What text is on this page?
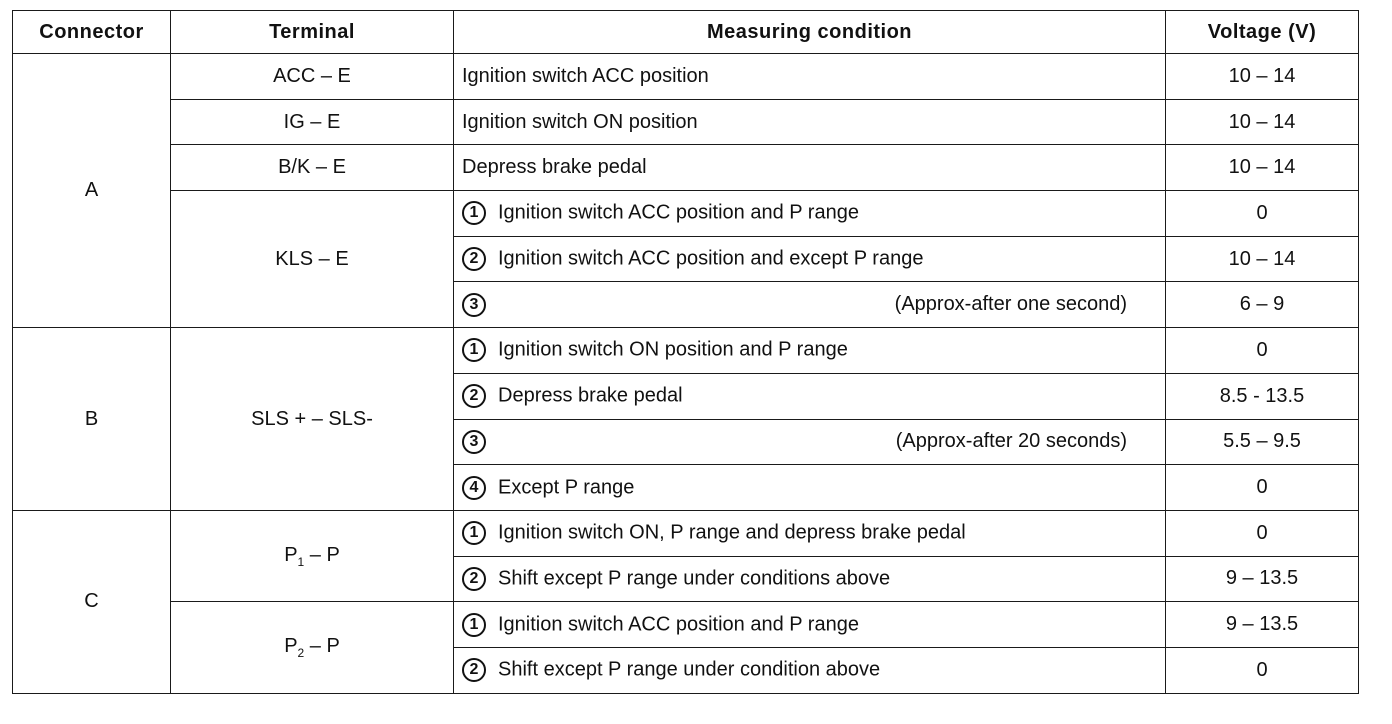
Connector	Terminal	Measuring condition	Voltage (V)
A	ACC – E	Ignition switch ACC position	10 – 14
	IG – E	Ignition switch ON position	10 – 14
	B/K – E	Depress brake pedal	10 – 14
	KLS – E	1 Ignition switch ACC position and P range	0
		2 Ignition switch ACC position and except P range	10 – 14
		3 (Approx-after one second)	6 – 9
B	SLS + – SLS-	1 Ignition switch ON position and P range	0
		2 Depress brake pedal	8.5 - 13.5
		3 (Approx-after 20 seconds)	5.5 – 9.5
		4 Except P range	0
C	$P_1$ – P	1 Ignition switch ON, P range and depress brake pedal	0
		2 Shift except P range under conditions above	9 – 13.5
	$P_2$ – P	1 Ignition switch ACC position and P range	9 – 13.5
		2 Shift except P range under condition above	0
